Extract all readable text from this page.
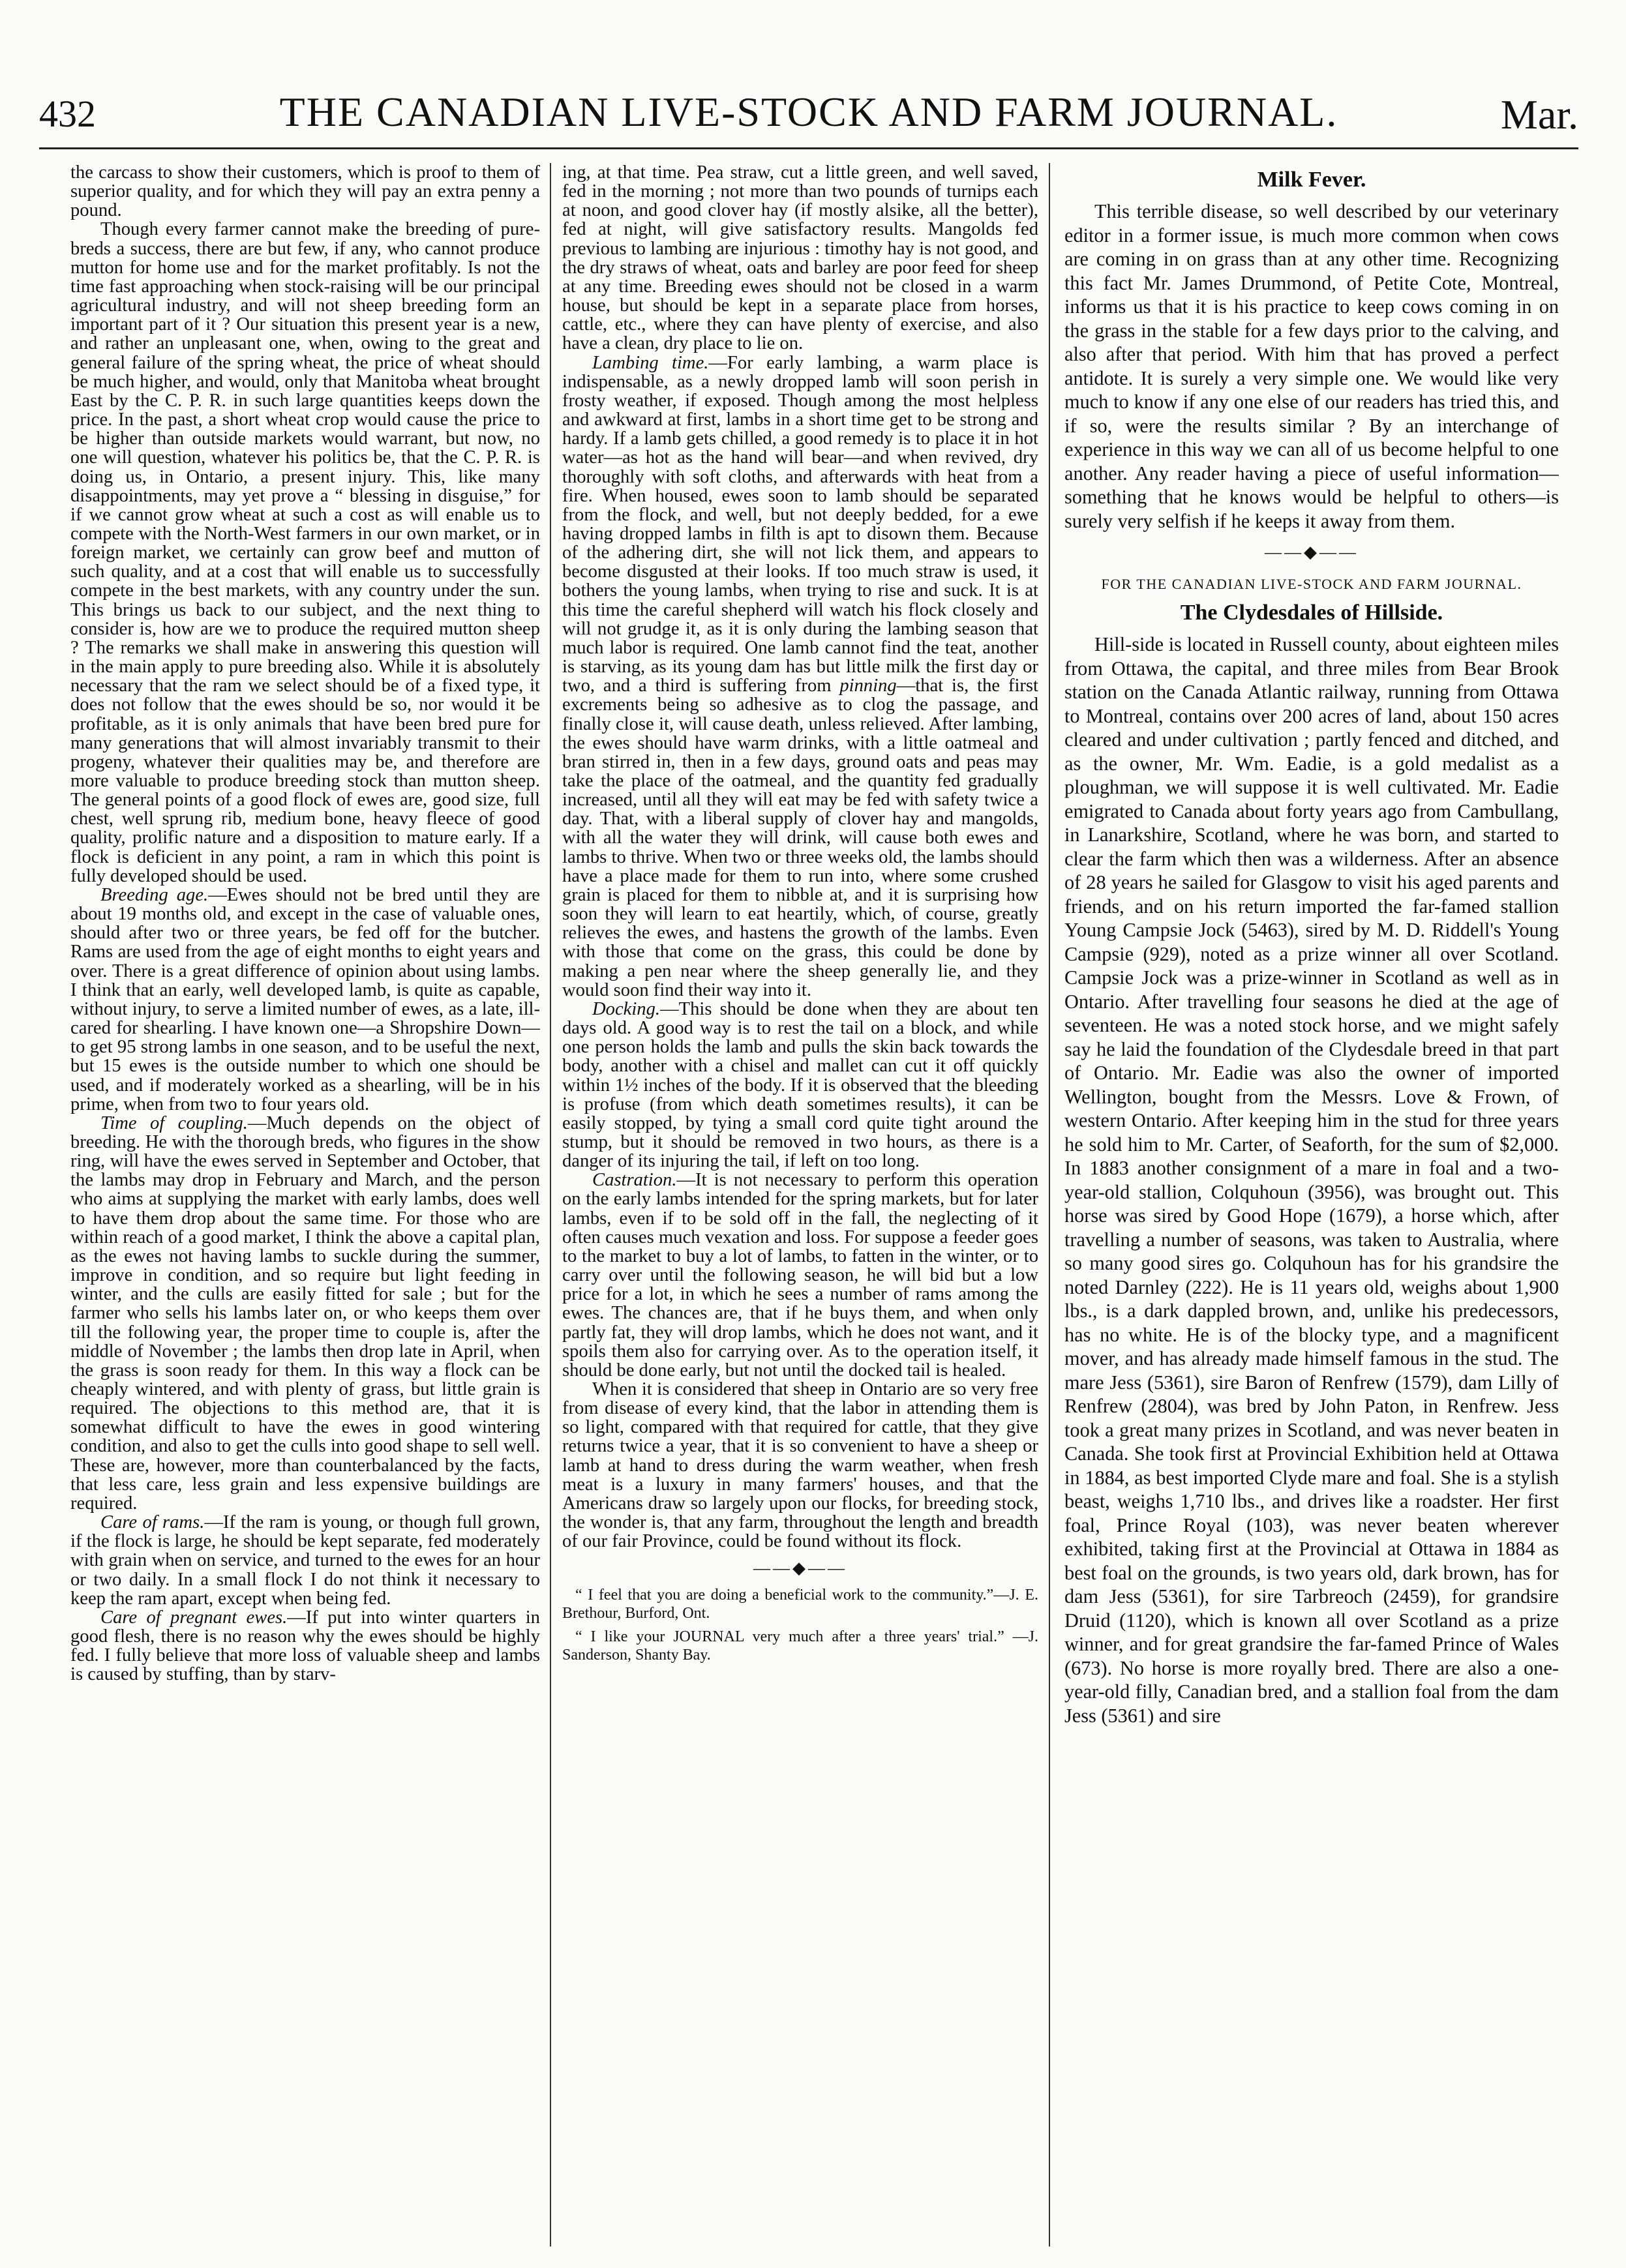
432	THE CANADIAN LIVE-STOCK AND FARM JOURNAL.	Mar.

the carcass to show their customers, which is proof to them of superior quality, and for which they will pay an extra penny a pound.

Though every farmer cannot make the breeding of pure-breds a success, there are but few, if any, who cannot produce mutton for home use and for the market profitably. Is not the time fast approaching when stock-raising will be our principal agricultural industry, and will not sheep breeding form an important part of it ? Our situation this present year is a new, and rather an unpleasant one, when, owing to the great and general failure of the spring wheat, the price of wheat should be much higher, and would, only that Manitoba wheat brought East by the C. P. R. in such large quantities keeps down the price. In the past, a short wheat crop would cause the price to be higher than outside markets would warrant, but now, no one will question, whatever his politics be, that the C. P. R. is doing us, in Ontario, a present injury. This, like many disappointments, may yet prove a “ blessing in disguise,” for if we cannot grow wheat at such a cost as will enable us to compete with the North-West farmers in our own market, or in foreign market, we certainly can grow beef and mutton of such quality, and at a cost that will enable us to successfully compete in the best markets, with any country under the sun. This brings us back to our subject, and the next thing to consider is, how are we to produce the required mutton sheep ? The remarks we shall make in answering this question will in the main apply to pure breeding also. While it is absolutely necessary that the ram we select should be of a fixed type, it does not follow that the ewes should be so, nor would it be profitable, as it is only animals that have been bred pure for many generations that will almost invariably transmit to their progeny, whatever their qualities may be, and therefore are more valuable to produce breeding stock than mutton sheep. The general points of a good flock of ewes are, good size, full chest, well sprung rib, medium bone, heavy fleece of good quality, prolific nature and a disposition to mature early. If a flock is deficient in any point, a ram in which this point is fully developed should be used.

Breeding age.—Ewes should not be bred until they are about 19 months old, and except in the case of valuable ones, should after two or three years, be fed off for the butcher. Rams are used from the age of eight months to eight years and over. There is a great difference of opinion about using lambs. I think that an early, well developed lamb, is quite as capable, without injury, to serve a limited number of ewes, as a late, ill-cared for shearling. I have known one—a Shropshire Down—to get 95 strong lambs in one season, and to be useful the next, but 15 ewes is the outside number to which one should be used, and if moderately worked as a shearling, will be in his prime, when from two to four years old.

Time of coupling.—Much depends on the object of breeding. He with the thorough breds, who figures in the show ring, will have the ewes served in September and October, that the lambs may drop in February and March, and the person who aims at supplying the market with early lambs, does well to have them drop about the same time. For those who are within reach of a good market, I think the above a capital plan, as the ewes not having lambs to suckle during the summer, improve in condition, and so require but light feeding in winter, and the culls are easily fitted for sale ; but for the farmer who sells his lambs later on, or who keeps them over till the following year, the proper time to couple is, after the middle of November ; the lambs then drop late in April, when the grass is soon ready for them. In this way a flock can be cheaply wintered, and with plenty of grass, but little grain is required. The objections to this method are, that it is somewhat difficult to have the ewes in good wintering condition, and also to get the culls into good shape to sell well. These are, however, more than counterbalanced by the facts, that less care, less grain and less expensive buildings are required.

Care of rams.—If the ram is young, or though full grown, if the flock is large, he should be kept separate, fed moderately with grain when on service, and turned to the ewes for an hour or two daily. In a small flock I do not think it necessary to keep the ram apart, except when being fed.

Care of pregnant ewes.—If put into winter quarters in good flesh, there is no reason why the ewes should be highly fed. I fully believe that more loss of valuable sheep and lambs is caused by stuffing, than by starv-

ing, at that time. Pea straw, cut a little green, and well saved, fed in the morning ; not more than two pounds of turnips each at noon, and good clover hay (if mostly alsike, all the better), fed at night, will give satisfactory results. Mangolds fed previous to lambing are injurious : timothy hay is not good, and the dry straws of wheat, oats and barley are poor feed for sheep at any time. Breeding ewes should not be closed in a warm house, but should be kept in a separate place from horses, cattle, etc., where they can have plenty of exercise, and also have a clean, dry place to lie on.

Lambing time.—For early lambing, a warm place is indispensable, as a newly dropped lamb will soon perish in frosty weather, if exposed. Though among the most helpless and awkward at first, lambs in a short time get to be strong and hardy. If a lamb gets chilled, a good remedy is to place it in hot water—as hot as the hand will bear—and when revived, dry thoroughly with soft cloths, and afterwards with heat from a fire. When housed, ewes soon to lamb should be separated from the flock, and well, but not deeply bedded, for a ewe having dropped lambs in filth is apt to disown them. Because of the adhering dirt, she will not lick them, and appears to become disgusted at their looks. If too much straw is used, it bothers the young lambs, when trying to rise and suck. It is at this time the careful shepherd will watch his flock closely and will not grudge it, as it is only during the lambing season that much labor is required. One lamb cannot find the teat, another is starving, as its young dam has but little milk the first day or two, and a third is suffering from pinning—that is, the first excrements being so adhesive as to clog the passage, and finally close it, will cause death, unless relieved. After lambing, the ewes should have warm drinks, with a little oatmeal and bran stirred in, then in a few days, ground oats and peas may take the place of the oatmeal, and the quantity fed gradually increased, until all they will eat may be fed with safety twice a day. That, with a liberal supply of clover hay and mangolds, with all the water they will drink, will cause both ewes and lambs to thrive. When two or three weeks old, the lambs should have a place made for them to run into, where some crushed grain is placed for them to nibble at, and it is surprising how soon they will learn to eat heartily, which, of course, greatly relieves the ewes, and hastens the growth of the lambs. Even with those that come on the grass, this could be done by making a pen near where the sheep generally lie, and they would soon find their way into it.

Docking.—This should be done when they are about ten days old. A good way is to rest the tail on a block, and while one person holds the lamb and pulls the skin back towards the body, another with a chisel and mallet can cut it off quickly within 1½ inches of the body. If it is observed that the bleeding is profuse (from which death sometimes results), it can be easily stopped, by tying a small cord quite tight around the stump, but it should be removed in two hours, as there is a danger of its injuring the tail, if left on too long.

Castration.—It is not necessary to perform this operation on the early lambs intended for the spring markets, but for later lambs, even if to be sold off in the fall, the neglecting of it often causes much vexation and loss. For suppose a feeder goes to the market to buy a lot of lambs, to fatten in the winter, or to carry over until the following season, he will bid but a low price for a lot, in which he sees a number of rams among the ewes. The chances are, that if he buys them, and when only partly fat, they will drop lambs, which he does not want, and it spoils them also for carrying over. As to the operation itself, it should be done early, but not until the docked tail is healed.

When it is considered that sheep in Ontario are so very free from disease of every kind, that the labor in attending them is so light, compared with that required for cattle, that they give returns twice a year, that it is so convenient to have a sheep or lamb at hand to dress during the warm weather, when fresh meat is a luxury in many farmers' houses, and that the Americans draw so largely upon our flocks, for breeding stock, the wonder is, that any farm, throughout the length and breadth of our fair Province, could be found without its flock.

——◆——

“ I feel that you are doing a beneficial work to the community.”—J. E. Brethour, Burford, Ont.

“ I like your JOURNAL very much after a three years' trial.” —J. Sanderson, Shanty Bay.

Milk Fever.

This terrible disease, so well described by our veterinary editor in a former issue, is much more common when cows are coming in on grass than at any other time. Recognizing this fact Mr. James Drummond, of Petite Cote, Montreal, informs us that it is his practice to keep cows coming in on the grass in the stable for a few days prior to the calving, and also after that period. With him that has proved a perfect antidote. It is surely a very simple one. We would like very much to know if any one else of our readers has tried this, and if so, were the results similar ? By an interchange of experience in this way we can all of us become helpful to one another. Any reader having a piece of useful information—something that he knows would be helpful to others—is surely very selfish if he keeps it away from them.

——◆——
FOR THE CANADIAN LIVE-STOCK AND FARM JOURNAL.
The Clydesdales of Hillside.

Hill-side is located in Russell county, about eighteen miles from Ottawa, the capital, and three miles from Bear Brook station on the Canada Atlantic railway, running from Ottawa to Montreal, contains over 200 acres of land, about 150 acres cleared and under cultivation ; partly fenced and ditched, and as the owner, Mr. Wm. Eadie, is a gold medalist as a ploughman, we will suppose it is well cultivated. Mr. Eadie emigrated to Canada about forty years ago from Cambullang, in Lanarkshire, Scotland, where he was born, and started to clear the farm which then was a wilderness. After an absence of 28 years he sailed for Glasgow to visit his aged parents and friends, and on his return imported the far-famed stallion Young Campsie Jock (5463), sired by M. D. Riddell's Young Campsie (929), noted as a prize winner all over Scotland. Campsie Jock was a prize-winner in Scotland as well as in Ontario. After travelling four seasons he died at the age of seventeen. He was a noted stock horse, and we might safely say he laid the foundation of the Clydesdale breed in that part of Ontario. Mr. Eadie was also the owner of imported Wellington, bought from the Messrs. Love & Frown, of western Ontario. After keeping him in the stud for three years he sold him to Mr. Carter, of Seaforth, for the sum of $2,000. In 1883 another consignment of a mare in foal and a two-year-old stallion, Colquhoun (3956), was brought out. This horse was sired by Good Hope (1679), a horse which, after travelling a number of seasons, was taken to Australia, where so many good sires go. Colquhoun has for his grandsire the noted Darnley (222). He is 11 years old, weighs about 1,900 lbs., is a dark dappled brown, and, unlike his predecessors, has no white. He is of the blocky type, and a magnificent mover, and has already made himself famous in the stud. The mare Jess (5361), sire Baron of Renfrew (1579), dam Lilly of Renfrew (2804), was bred by John Paton, in Renfrew. Jess took a great many prizes in Scotland, and was never beaten in Canada. She took first at Provincial Exhibition held at Ottawa in 1884, as best imported Clyde mare and foal. She is a stylish beast, weighs 1,710 lbs., and drives like a roadster. Her first foal, Prince Royal (103), was never beaten wherever exhibited, taking first at the Provincial at Ottawa in 1884 as best foal on the grounds, is two years old, dark brown, has for dam Jess (5361), for sire Tarbreoch (2459), for grandsire Druid (1120), which is known all over Scotland as a prize winner, and for great grandsire the far-famed Prince of Wales (673). No horse is more royally bred. There are also a one-year-old filly, Canadian bred, and a stallion foal from the dam Jess (5361) and sire
